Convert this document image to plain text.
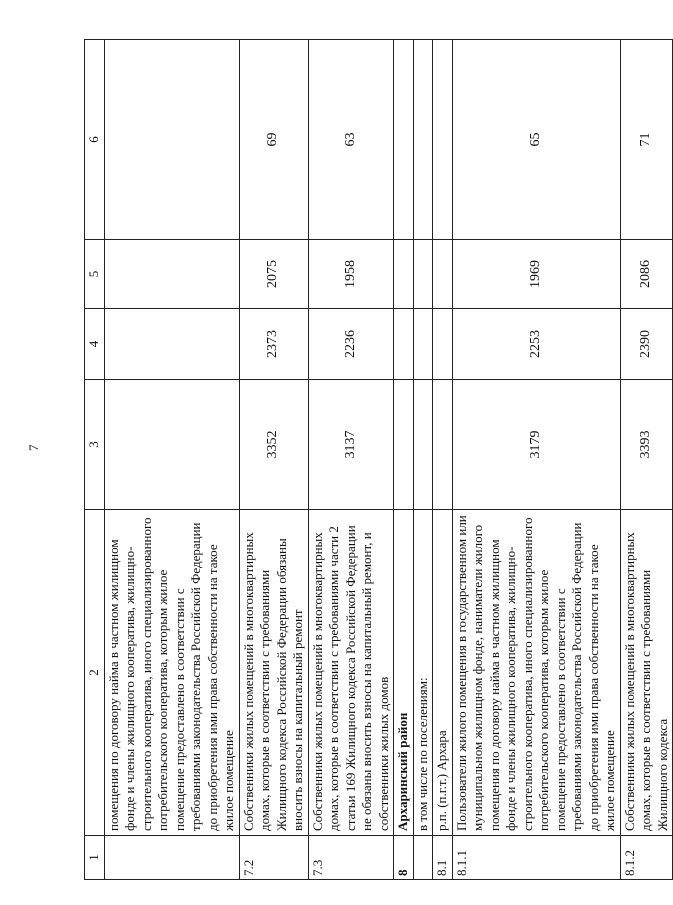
7
1	2	3	4	5	6
	помещения по договору найма в частном жилищном фонде и члены жилищного кооператива, жилищно-строительного кооператива, иного специализированного потребительского кооператива, которым жилое помещение предоставлено в соответствии с требованиями законодательства Российской Федерации до приобретения ими права собственности на такое жилое помещение				
7.2	Собственники жилых помещений в многоквартирных домах, которые в соответствии с требованиями Жилищного кодекса Российской Федерации обязаны вносить взносы на капитальный ремонт	3352	2373	2075	69
7.3	Собственники жилых помещений в многоквартирных домах, которые в соответствии с требованиями части 2 статьи 169 Жилищного кодекса Российской Федерации не обязаны вносить взносы на капитальный ремонт, и собственники жилых домов	3137	2236	1958	63
8	Архаринский район				
	в том числе по поселениям:				
8.1	р.п. (п.г.т.) Архара				
8.1.1	Пользователи жилого помещения в государственном или муниципальном жилищном фонде, наниматели жилого помещения по договору найма в частном жилищном фонде и члены жилищного кооператива, жилищно-строительного кооператива, иного специализированного потребительского кооператива, которым жилое помещение предоставлено в соответствии с требованиями законодательства Российской Федерации до приобретения ими права собственности на такое жилое помещение	3179	2253	1969	65
8.1.2	Собственники жилых помещений в многоквартирных домах, которые в соответствии с требованиями Жилищного кодекса	3393	2390	2086	71
